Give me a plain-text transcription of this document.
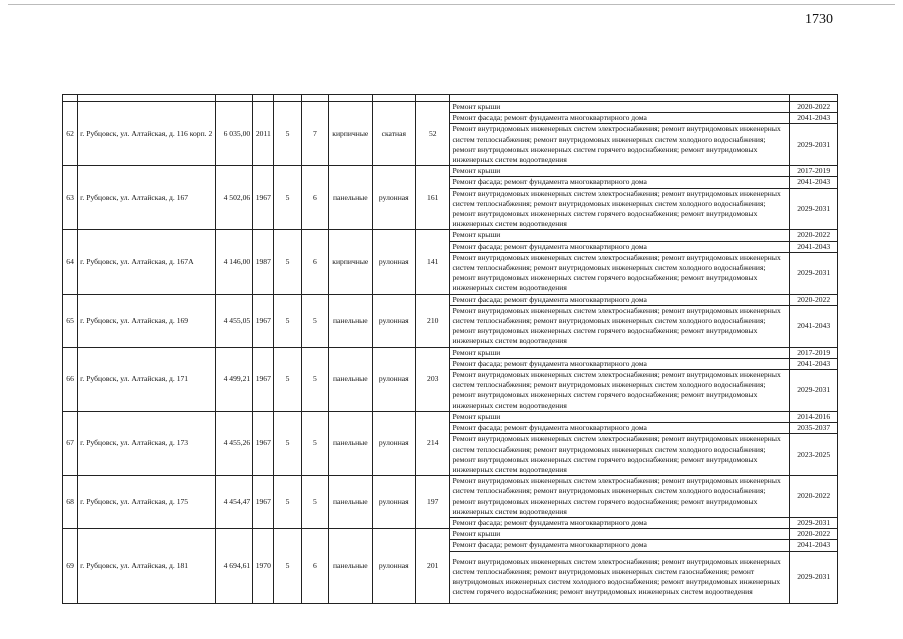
1730

62	г. Рубцовск, ул. Алтайская, д. 116 корп. 2	6 035,00	2011	5	7	кирпичные	скатная	52	Ремонт крыши	2020-2022
									Ремонт фасада; ремонт фундамента многоквартирного дома	2041-2043
									Ремонт внутридомовых инженерных систем электроснабжения; ремонт внутридомовых инженерных систем теплоснабжения; ремонт внутридомовых инженерных систем холодного водоснабжения; ремонт внутридомовых инженерных систем горячего водоснабжения; ремонт внутридомовых инженерных систем водоотведения	2029-2031
63	г. Рубцовск, ул. Алтайская, д. 167	4 502,06	1967	5	6	панельные	рулонная	161	Ремонт крыши	2017-2019
									Ремонт фасада; ремонт фундамента многоквартирного дома	2041-2043
									Ремонт внутридомовых инженерных систем электроснабжения; ремонт внутридомовых инженерных систем теплоснабжения; ремонт внутридомовых инженерных систем холодного водоснабжения; ремонт внутридомовых инженерных систем горячего водоснабжения; ремонт внутридомовых инженерных систем водоотведения	2029-2031
64	г. Рубцовск, ул. Алтайская, д. 167А	4 146,00	1987	5	6	кирпичные	рулонная	141	Ремонт крыши	2020-2022
									Ремонт фасада; ремонт фундамента многоквартирного дома	2041-2043
									Ремонт внутридомовых инженерных систем электроснабжения; ремонт внутридомовых инженерных систем теплоснабжения; ремонт внутридомовых инженерных систем холодного водоснабжения; ремонт внутридомовых инженерных систем горячего водоснабжения; ремонт внутридомовых инженерных систем водоотведения	2029-2031
65	г. Рубцовск, ул. Алтайская, д. 169	4 455,05	1967	5	5	панельные	рулонная	210	Ремонт фасада; ремонт фундамента многоквартирного дома	2020-2022
									Ремонт внутридомовых инженерных систем электроснабжения; ремонт внутридомовых инженерных систем теплоснабжения; ремонт внутридомовых инженерных систем холодного водоснабжения; ремонт внутридомовых инженерных систем горячего водоснабжения; ремонт внутридомовых инженерных систем водоотведения	2041-2043
66	г. Рубцовск, ул. Алтайская, д. 171	4 499,21	1967	5	5	панельные	рулонная	203	Ремонт крыши	2017-2019
									Ремонт фасада; ремонт фундамента многоквартирного дома	2041-2043
									Ремонт внутридомовых инженерных систем электроснабжения; ремонт внутридомовых инженерных систем теплоснабжения; ремонт внутридомовых инженерных систем холодного водоснабжения; ремонт внутридомовых инженерных систем горячего водоснабжения; ремонт внутридомовых инженерных систем водоотведения	2029-2031
67	г. Рубцовск, ул. Алтайская, д. 173	4 455,26	1967	5	5	панельные	рулонная	214	Ремонт крыши	2014-2016
									Ремонт фасада; ремонт фундамента многоквартирного дома	2035-2037
									Ремонт внутридомовых инженерных систем электроснабжения; ремонт внутридомовых инженерных систем теплоснабжения; ремонт внутридомовых инженерных систем холодного водоснабжения; ремонт внутридомовых инженерных систем горячего водоснабжения; ремонт внутридомовых инженерных систем водоотведения	2023-2025
68	г. Рубцовск, ул. Алтайская, д. 175	4 454,47	1967	5	5	панельные	рулонная	197	Ремонт внутридомовых инженерных систем электроснабжения; ремонт внутридомовых инженерных систем теплоснабжения; ремонт внутридомовых инженерных систем холодного водоснабжения; ремонт внутридомовых инженерных систем горячего водоснабжения; ремонт внутридомовых инженерных систем водоотведения	2020-2022
									Ремонт фасада; ремонт фундамента многоквартирного дома	2029-2031
69	г. Рубцовск, ул. Алтайская, д. 181	4 694,61	1970	5	6	панельные	рулонная	201	Ремонт крыши	2020-2022
									Ремонт фасада; ремонт фундамента многоквартирного дома	2041-2043
									Ремонт внутридомовых инженерных систем электроснабжения; ремонт внутридомовых инженерных систем теплоснабжения; ремонт внутридомовых инженерных систем газоснабжения; ремонт внутридомовых инженерных систем холодного водоснабжения; ремонт внутридомовых инженерных систем горячего водоснабжения; ремонт внутридомовых инженерных систем водоотведения	2029-2031
